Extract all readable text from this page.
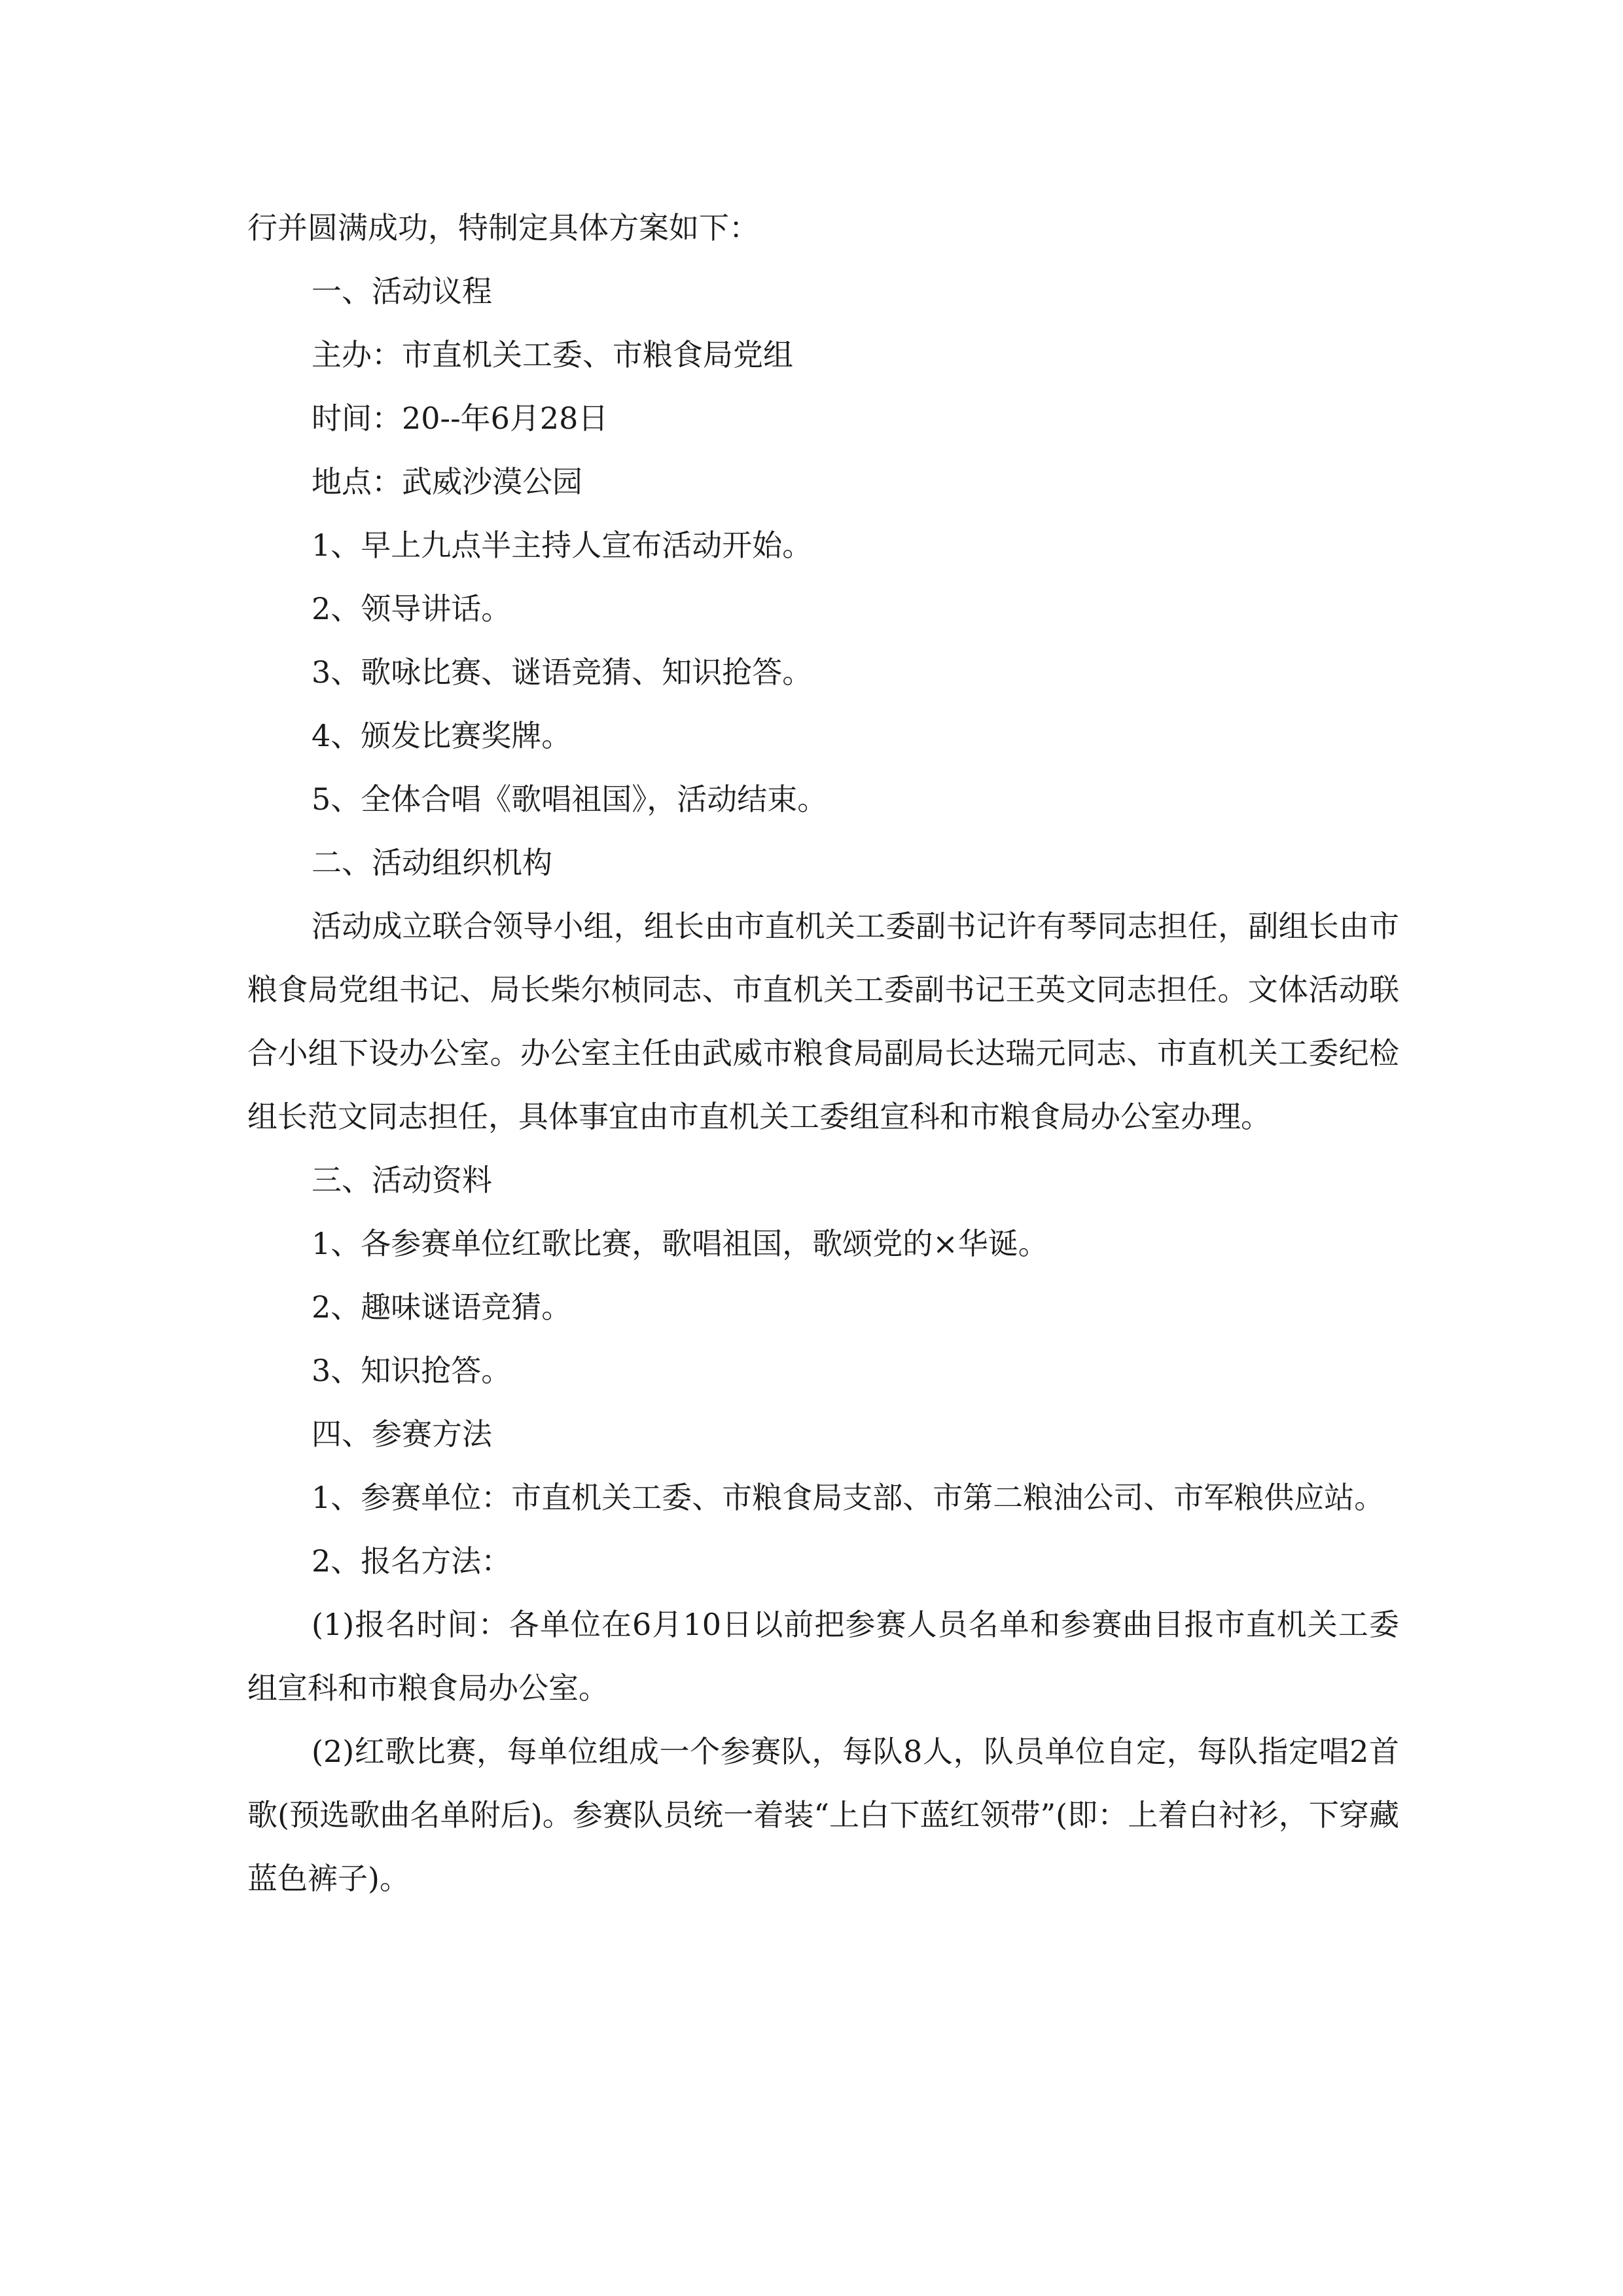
行并圆满成功，特制定具体方案如下：

一、活动议程

主办：市直机关工委、市粮食局党组

时间：20--年6月28日

地点：武威沙漠公园

1、早上九点半主持人宣布活动开始。

2、领导讲话。

3、歌咏比赛、谜语竞猜、知识抢答。

4、颁发比赛奖牌。

5、全体合唱《歌唱祖国》，活动结束。

二、活动组织机构

活动成立联合领导小组，组长由市直机关工委副书记许有琴同志担任，副组长由市粮食局党组书记、局长柴尔桢同志、市直机关工委副书记王英文同志担任。文体活动联合小组下设办公室。办公室主任由武威市粮食局副局长达瑞元同志、市直机关工委纪检组长范文同志担任，具体事宜由市直机关工委组宣科和市粮食局办公室办理。

三、活动资料

1、各参赛单位红歌比赛，歌唱祖国，歌颂党的×华诞。

2、趣味谜语竞猜。

3、知识抢答。

四、参赛方法

1、参赛单位：市直机关工委、市粮食局支部、市第二粮油公司、市军粮供应站。

2、报名方法：

(1)报名时间：各单位在6月10日以前把参赛人员名单和参赛曲目报市直机关工委组宣科和市粮食局办公室。

(2)红歌比赛，每单位组成一个参赛队，每队8人，队员单位自定，每队指定唱2首歌(预选歌曲名单附后)。参赛队员统一着装“上白下蓝红领带”(即：上着白衬衫，下穿藏蓝色裤子)。
